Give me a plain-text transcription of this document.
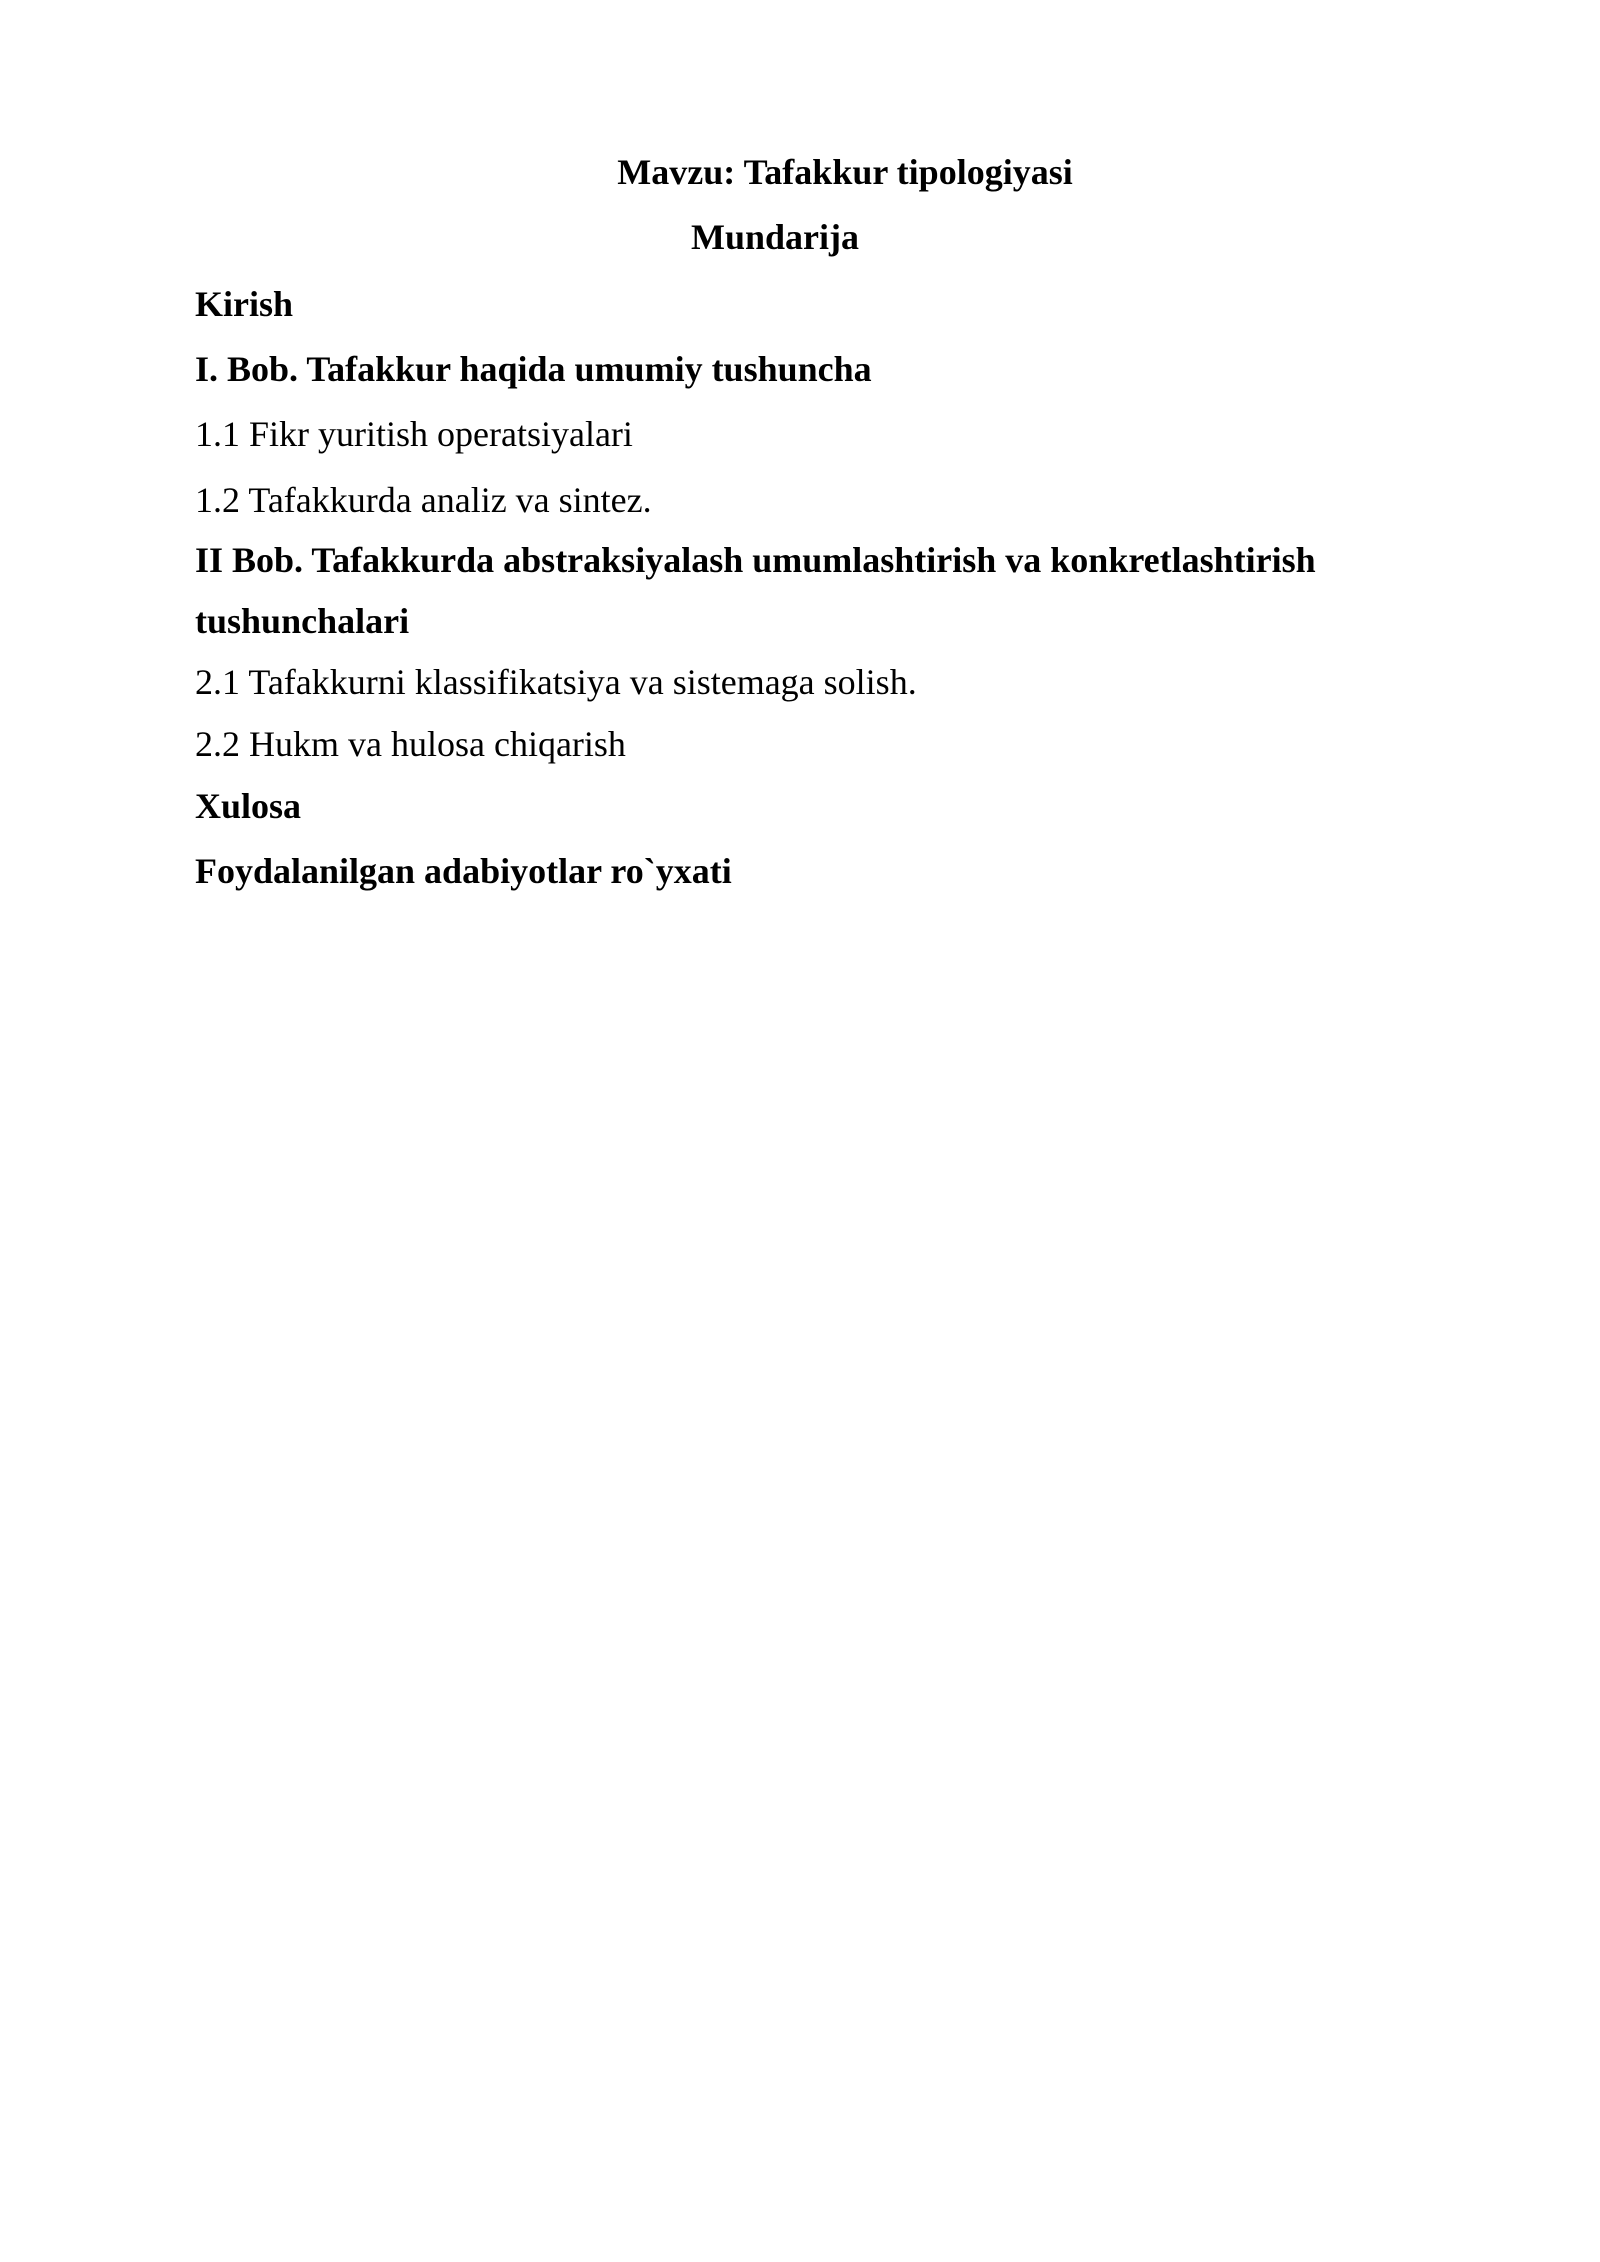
Mavzu: Tafakkur tipologiyasi
Mundarija
Kirish
I. Bob. Tafakkur haqida umumiy tushuncha
1.1 Fikr yuritish operatsiyalari
1.2 Tafakkurda analiz va sintez.
II Bob. Tafakkurda abstraksiyalash umumlashtirish va konkretlashtirish
tushunchalari
2.1 Tafakkurni klassifikatsiya va sistemaga solish.
2.2 Hukm va hulosa chiqarish
Xulosa
Foydalanilgan adabiyotlar ro`yxati
